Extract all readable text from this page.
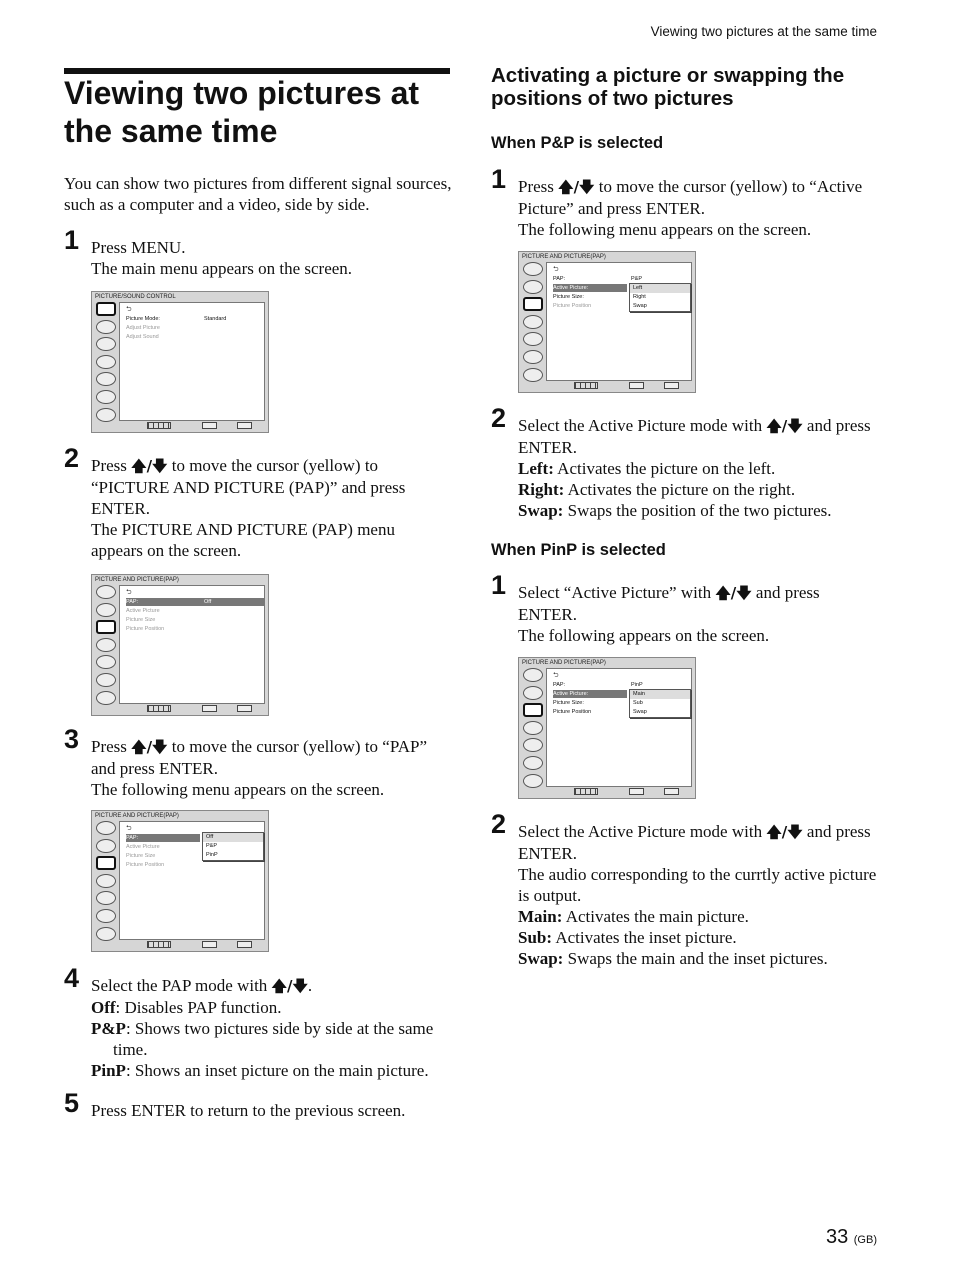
Viewing two pictures at the same time
Viewing two pictures at the same time
You can show two pictures from different signal sources, such as a computer and a video, side by side.
1 Press MENU.

The main menu appears on the screen.

PICTURE/SOUND CONTROL
⮌
Picture Mode:	Standard
Adjust Picture
Adjust Sound
2 Press 🡅/🡇 to move the cursor (yellow) to “PICTURE AND PICTURE (PAP)” and press ENTER.

The PICTURE AND PICTURE (PAP) menu appears on the screen.

PICTURE AND PICTURE(PAP)
⮌
PAP:	Off
Active Picture
Picture Size
Picture Position
3 Press 🡅/🡇 to move the cursor (yellow) to “PAP” and press ENTER.

The following menu appears on the screen.

PICTURE AND PICTURE(PAP)
⮌
PAP:
Active Picture
Picture Size
Picture Position
Off
P&P
PinP
4 Select the PAP mode with 🡅/🡇.

Off: Disables PAP function.

P&P: Shows two pictures side by side at the same time.

PinP: Shows an inset picture on the main picture.

5 Press ENTER to return to the previous screen.

Activating a picture or swapping the positions of two pictures
When P&P is selected
1 Press 🡅/🡇 to move the cursor (yellow) to “Active Picture” and press ENTER.

The following menu appears on the screen.

PICTURE AND PICTURE(PAP)
⮌
PAP:	P&P
Active Picture:
Picture Size:
Picture Position
Left
Right
Swap
2 Select the Active Picture mode with 🡅/🡇 and press ENTER.

Left: Activates the picture on the left.

Right: Activates the picture on the right.

Swap: Swaps the position of the two pictures.

When PinP is selected
1 Select “Active Picture” with 🡅/🡇 and press ENTER.

The following appears on the screen.

PICTURE AND PICTURE(PAP)
⮌
PAP:	PinP
Active Picture:
Picture Size:
Picture Position
Main
Sub
Swap
2 Select the Active Picture mode with 🡅/🡇 and press ENTER.

The audio corresponding to the currtly active picture is output.

Main: Activates the main picture.

Sub: Activates the inset picture.

Swap: Swaps the main and the inset pictures.

33 (GB)
